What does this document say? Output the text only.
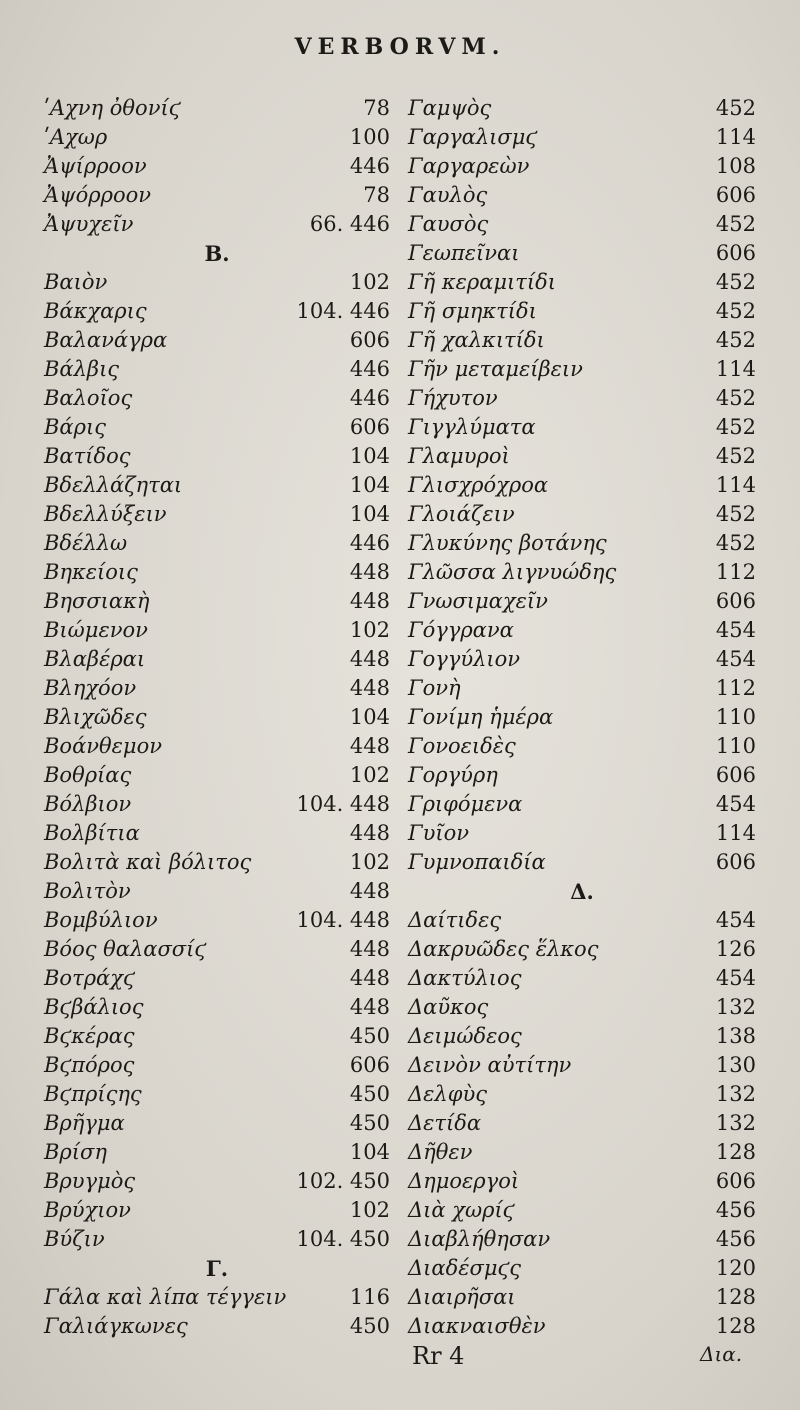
VERBORVM.
ʹΑχνη ὀθονίϛ	78
ʹΑχωρ	100
Ἀψίρροον	446
Ἀψόρροον	78
Ἀψυχεῖν	66. 446
B.
Βαιὸν	102
Βάκχαρις	104. 446
Βαλανάγρα	606
Βάλβις	446
Βαλοῖος	446
Βάρις	606
Βατίδος	104
Βδελλάζηται	104
Βδελλύξειν	104
Βδέλλω	446
Βηκείοις	448
Βησσιακὴ	448
Βιώμενον	102
Βλαβέραι	448
Βληχόον	448
Βλιχῶδες	104
Βοάνθεμον	448
Βοθρίας	102
Βόλβιον	104. 448
Βολβίτια	448
Βολιτὰ καὶ βόλιτος	102
Βολιτὸν	448
Βομβύλιον	104. 448
Βόος θαλασσίϛ	448
Βοτράχϛ	448
Βϛβάλιος	448
Βϛκέρας	450
Βϛπόρος	606
Βϛπρίςης	450
Βρῆγμα	450
Βρίση	104
Βρυγμὸς	102. 450
Βρύχιον	102
Βύζιν	104. 450
Γ.
Γάλα καὶ λίπα τέγγειν	116
Γαλιάγκωνες	450
Γαμψὸς	452
Γαργαλισμϛ	114
Γαργαρεὼν	108
Γαυλὸς	606
Γαυσὸς	452
Γεωπεῖναι	606
Γῆ κεραμιτίδι	452
Γῆ σμηκτίδι	452
Γῆ χαλκιτίδι	452
Γῆν μεταμείβειν	114
Γήχυτον	452
Γιγγλύματα	452
Γλαμυροὶ	452
Γλισχρόχροα	114
Γλοιάζειν	452
Γλυκύνης βοτάνης	452
Γλῶσσα λιγνυώδης	112
Γνωσιμαχεῖν	606
Γόγγρανα	454
Γογγύλιον	454
Γονὴ	112
Γονίμη ἡμέρα	110
Γονοειδὲς	110
Γοργύρη	606
Γριφόμενα	454
Γυῖον	114
Γυμνοπαιδία	606
Δ.
Δαίτιδες	454
Δακρυῶδες ἕλκος	126
Δακτύλιος	454
Δαῦκος	132
Δειμώδεος	138
Δεινὸν αὐτίτην	130
Δελφὺς	132
Δετίδα	132
Δῆθεν	128
Δημοεργοὶ	606
Διὰ χωρίϛ	456
Διαβλήθησαν	456
Διαδέσμϛς	120
Διαιρῆσαι	128
Διακναισθὲν	128
Rr 4	Δια.
